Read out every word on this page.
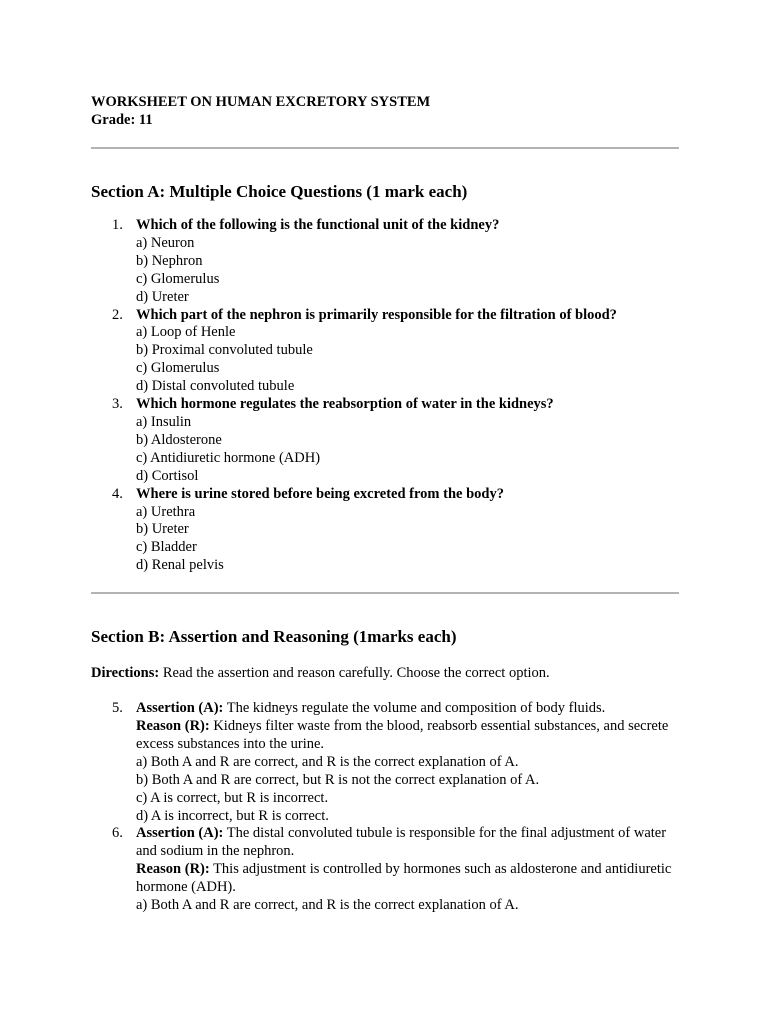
WORKSHEET ON HUMAN EXCRETORY SYSTEM

Grade: 11

Section A: Multiple Choice Questions (1 mark each)
1. Which of the following is the functional unit of the kidney?
a) Neuron
b) Nephron
c) Glomerulus
d) Ureter
2. Which part of the nephron is primarily responsible for the filtration of blood?
a) Loop of Henle
b) Proximal convoluted tubule
c) Glomerulus
d) Distal convoluted tubule
3. Which hormone regulates the reabsorption of water in the kidneys?
a) Insulin
b) Aldosterone
c) Antidiuretic hormone (ADH)
d) Cortisol
4. Where is urine stored before being excreted from the body?
a) Urethra
b) Ureter
c) Bladder
d) Renal pelvis
Section B: Assertion and Reasoning (1marks each)

Directions: Read the assertion and reason carefully. Choose the correct option.

5. Assertion (A): The kidneys regulate the volume and composition of body fluids.
Reason (R): Kidneys filter waste from the blood, reabsorb essential substances, and secrete excess substances into the urine.
a) Both A and R are correct, and R is the correct explanation of A.
b) Both A and R are correct, but R is not the correct explanation of A.
c) A is correct, but R is incorrect.
d) A is incorrect, but R is correct.
6. Assertion (A): The distal convoluted tubule is responsible for the final adjustment of water and sodium in the nephron.
Reason (R): This adjustment is controlled by hormones such as aldosterone and antidiuretic hormone (ADH).
a) Both A and R are correct, and R is the correct explanation of A.
